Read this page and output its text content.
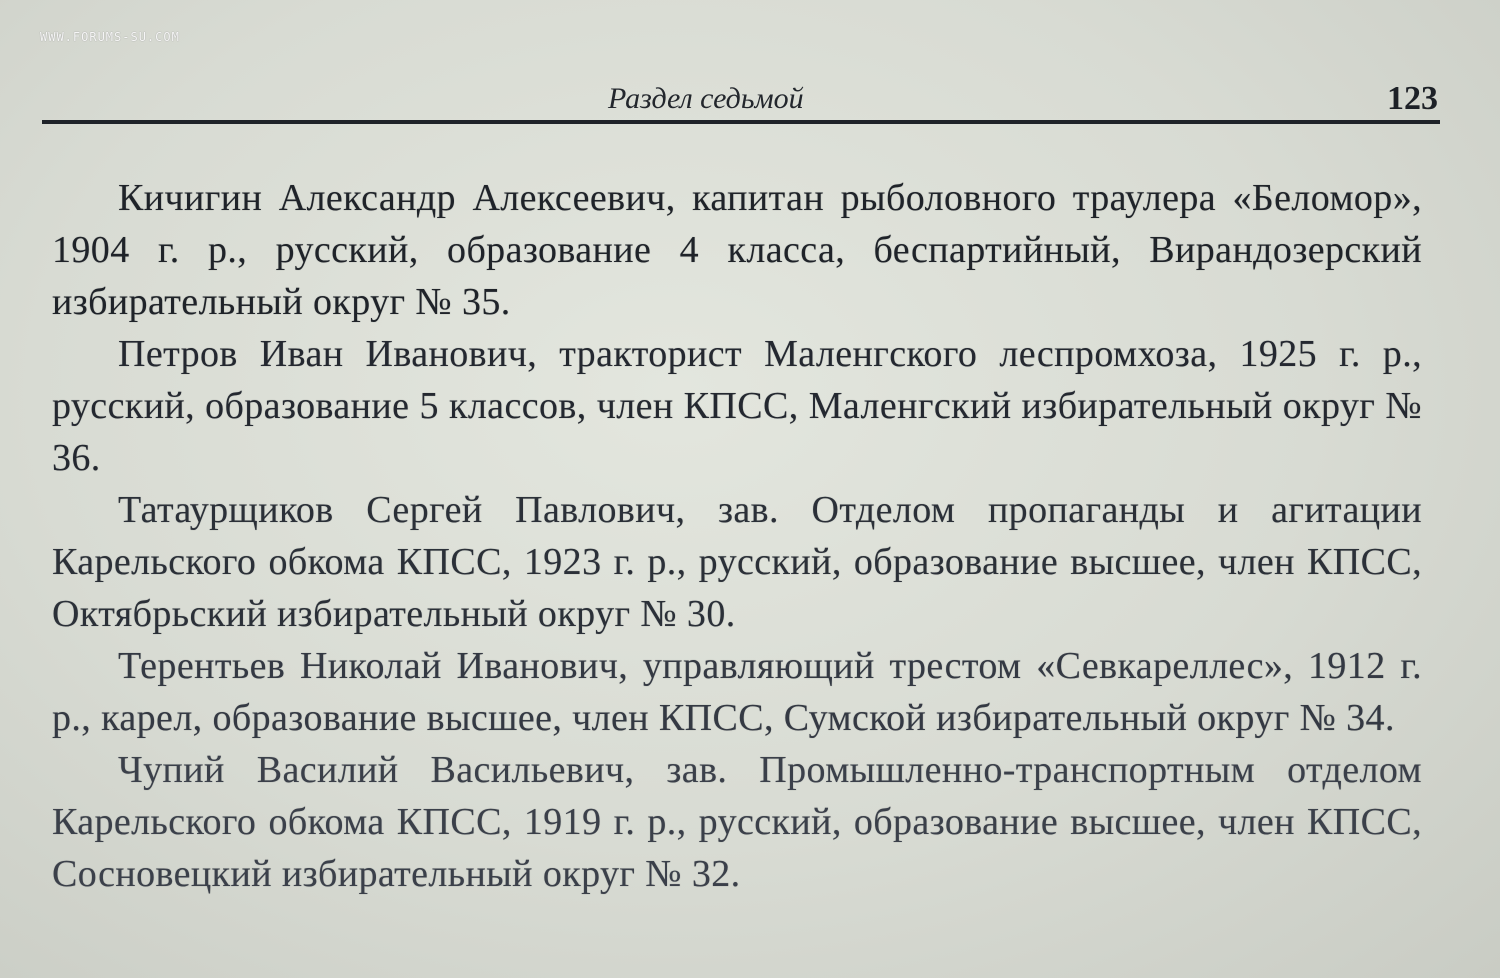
WWW.FORUMS-SU.COM
Раздел седьмой	123

Кичигин Александр Алексеевич, капитан рыболовного траулера «Беломор», 1904 г. р., русский, образование 4 класса, беспартийный, Вирандозерский избирательный округ № 35.

Петров Иван Иванович, тракторист Маленгского леспромхоза, 1925 г. р., русский, образование 5 классов, член КПСС, Маленгский избирательный округ № 36.

Татаурщиков Сергей Павлович, зав. Отделом пропаганды и агитации Карельского обкома КПСС, 1923 г. р., русский, образование высшее, член КПСС, Октябрьский избирательный округ № 30.

Терентьев Николай Иванович, управляющий трестом «Севкареллес», 1912 г. р., карел, образование высшее, член КПСС, Сумской избирательный округ № 34.

Чупий Василий Васильевич, зав. Промышленно-транспортным отделом Карельского обкома КПСС, 1919 г. р., русский, образование высшее, член КПСС, Сосновецкий избирательный округ № 32.
